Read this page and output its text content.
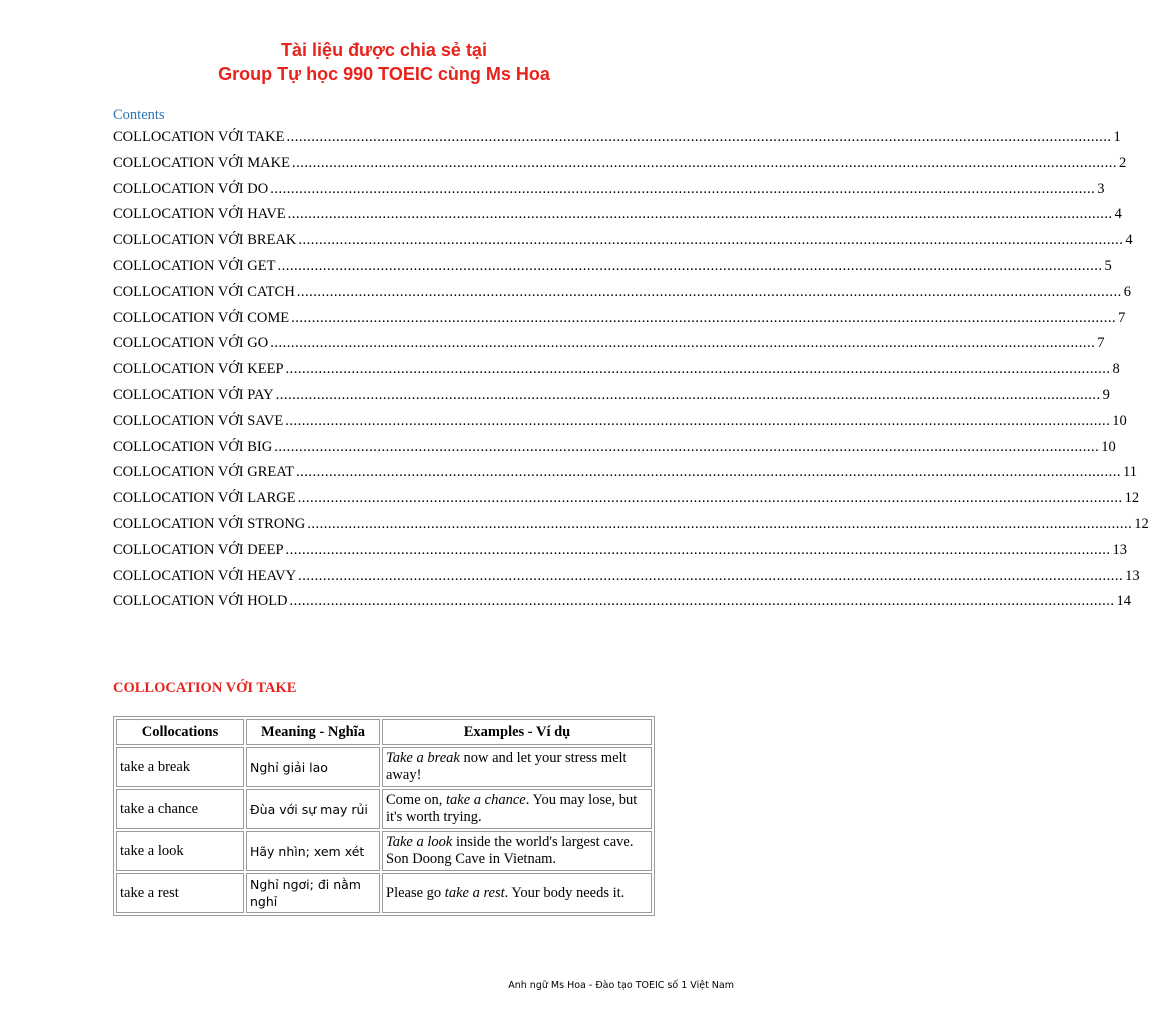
Tài liệu được chia sẻ tại
Group Tự học 990 TOEIC cùng Ms Hoa
Contents
COLLOCATION VỚI TAKE ........................................................................................................................................................................................................ 1
COLLOCATION VỚI MAKE ........................................................................................................................................................................................................ 2
COLLOCATION VỚI DO ........................................................................................................................................................................................................ 3
COLLOCATION VỚI HAVE ........................................................................................................................................................................................................ 4
COLLOCATION VỚI BREAK ........................................................................................................................................................................................................ 4
COLLOCATION VỚI GET ........................................................................................................................................................................................................ 5
COLLOCATION VỚI CATCH ........................................................................................................................................................................................................ 6
COLLOCATION VỚI COME ........................................................................................................................................................................................................ 7
COLLOCATION VỚI GO ........................................................................................................................................................................................................ 7
COLLOCATION VỚI KEEP ........................................................................................................................................................................................................ 8
COLLOCATION VỚI PAY ........................................................................................................................................................................................................ 9
COLLOCATION VỚI SAVE ........................................................................................................................................................................................................ 10
COLLOCATION VỚI BIG ........................................................................................................................................................................................................ 10
COLLOCATION VỚI GREAT ........................................................................................................................................................................................................ 11
COLLOCATION VỚI LARGE ........................................................................................................................................................................................................ 12
COLLOCATION VỚI STRONG ........................................................................................................................................................................................................ 12
COLLOCATION VỚI DEEP ........................................................................................................................................................................................................ 13
COLLOCATION VỚI HEAVY ........................................................................................................................................................................................................ 13
COLLOCATION VỚI HOLD ........................................................................................................................................................................................................ 14
COLLOCATION VỚI TAKE
Collocations	Meaning - Nghĩa	Examples - Ví dụ
take a break	Nghỉ giải lao	Take a break now and let your stress melt away!
take a chance	Đùa với sự may rủi	Come on, take a chance. You may lose, but it's worth trying.
take a look	Hãy nhìn; xem xét	Take a look inside the world's largest cave. Son Doong Cave in Vietnam.
take a rest	Nghỉ ngơi; đi nằm nghỉ	Please go take a rest. Your body needs it.
Anh ngữ Ms Hoa - Đào tạo TOEIC số 1 Việt Nam
